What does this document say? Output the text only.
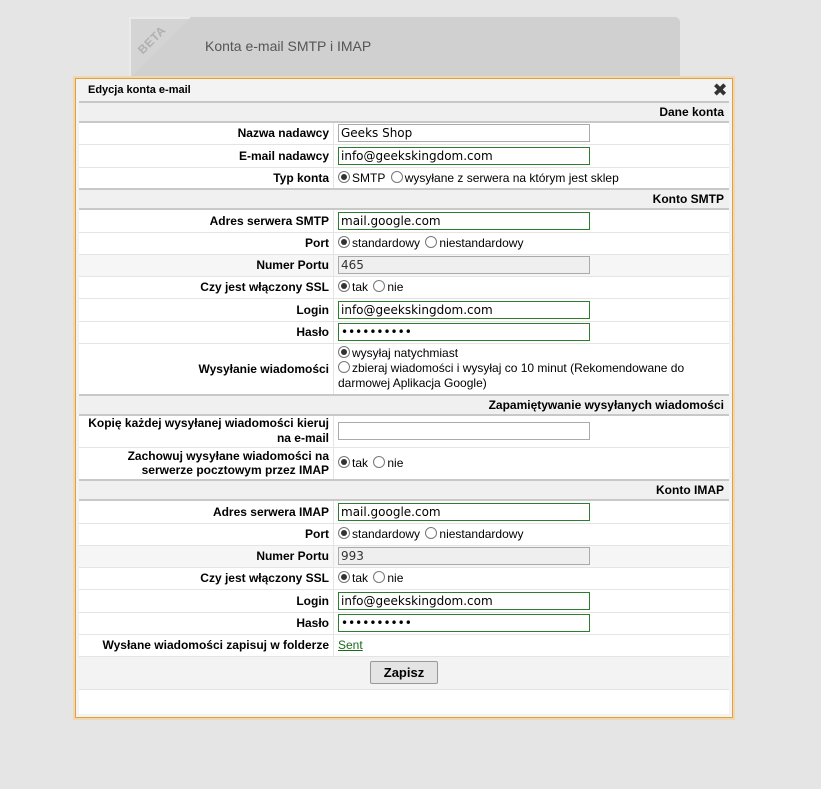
BETA	Konta e-mail SMTP i IMAP
Edycja konta e-mail	✖
Dane konta	
Nazwa nadawcy	Geeks Shop
E-mail nadawcy	info@geekskingdom.com
Typ konta	SMTP wysyłane z serwera na którym jest sklep
Konto SMTP	
Adres serwera SMTP	mail.google.com
Port	standardowy niestandardowy
Numer Portu	465
Czy jest włączony SSL	tak nie
Login	info@geekskingdom.com
Hasło	••••••••••
Wysyłanie wiadomości	wysyłaj natychmiast
zbieraj wiadomości i wysyłaj co 10 minut (Rekomendowane do darmowej Aplikacja Google)

Zapamiętywanie wysyłanych wiadomości	
Kopię każdej wysyłanej wiadomości kieruj na e-mail	
Zachowuj wysyłane wiadomości na serwerze pocztowym przez IMAP	tak nie
Konto IMAP	
Adres serwera IMAP	mail.google.com
Port	standardowy niestandardowy
Numer Portu	993
Czy jest włączony SSL	tak nie
Login	info@geekskingdom.com
Hasło	••••••••••
Wysłane wiadomości zapisuj w folderze	Sent
Zapisz	
